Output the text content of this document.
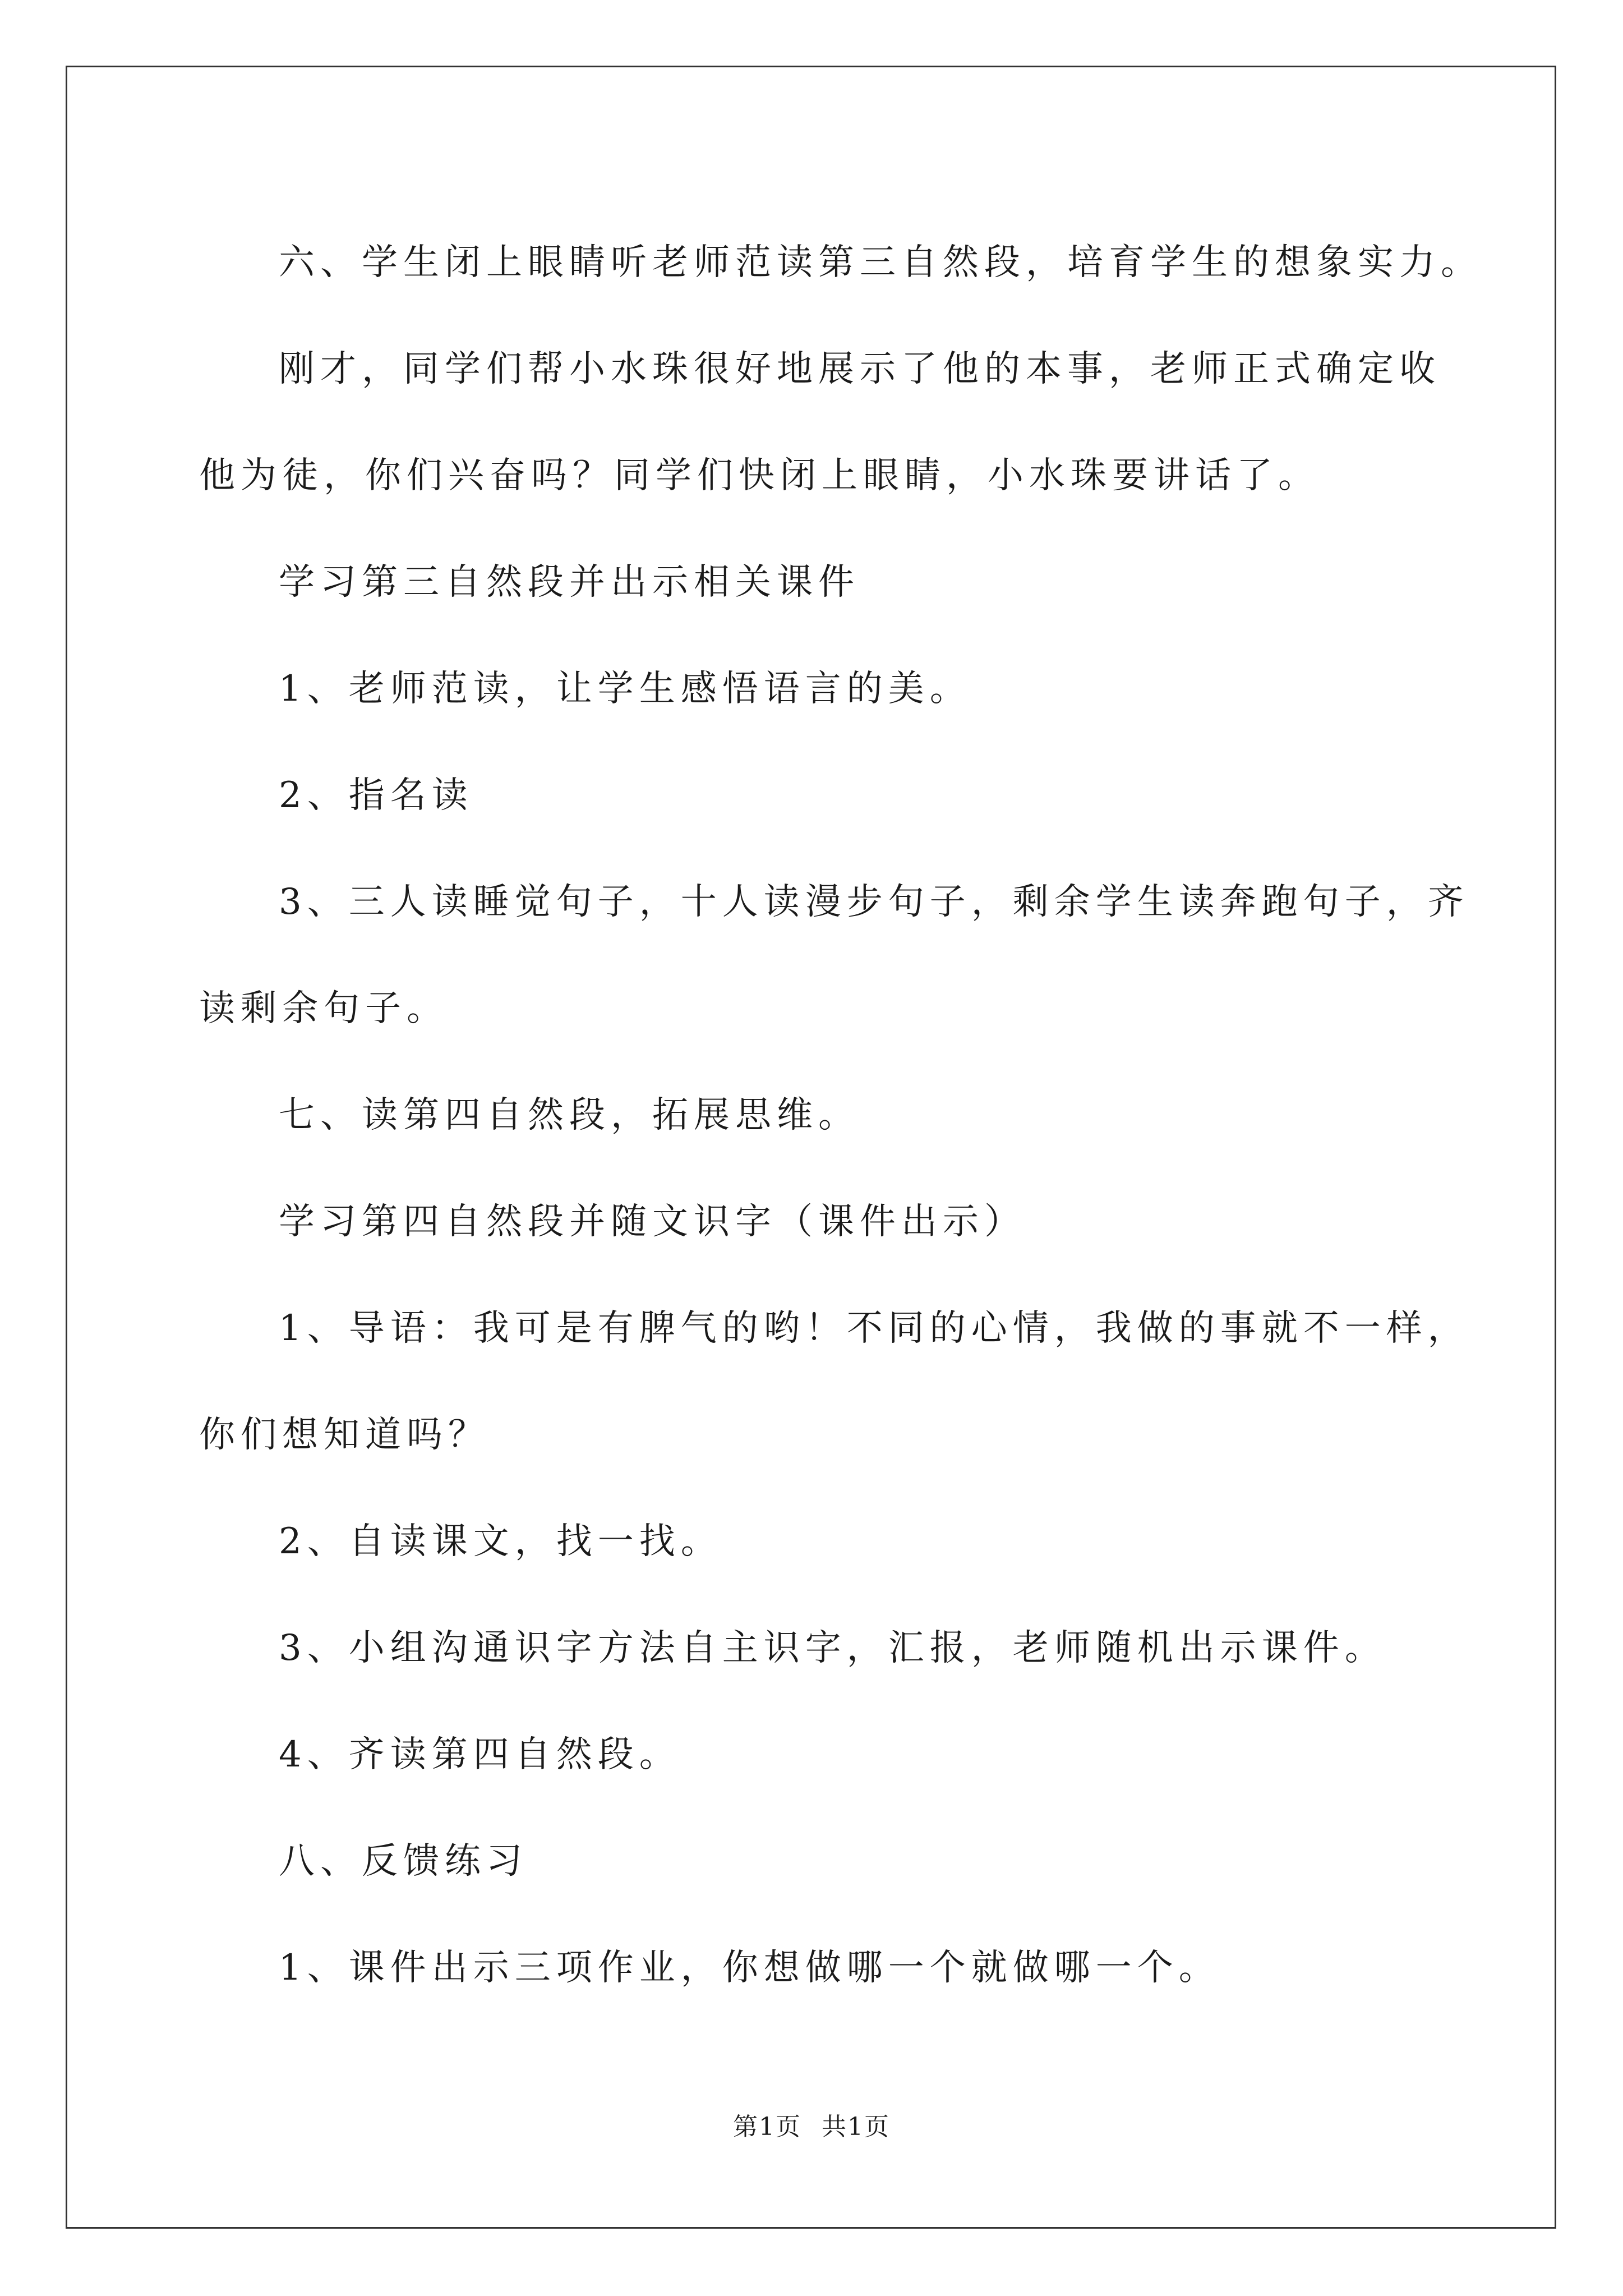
六、学生闭上眼睛听老师范读第三自然段，培育学生的想象实力。

刚才，同学们帮小水珠很好地展示了他的本事，老师正式确定收

他为徒，你们兴奋吗？同学们快闭上眼睛，小水珠要讲话了。

学习第三自然段并出示相关课件

1、老师范读，让学生感悟语言的美。

2、指名读

3、三人读睡觉句子，十人读漫步句子，剩余学生读奔跑句子，齐

读剩余句子。

七、读第四自然段，拓展思维。

学习第四自然段并随文识字（课件出示）

1、导语：我可是有脾气的哟！不同的心情，我做的事就不一样，

你们想知道吗？

2、自读课文，找一找。

3、小组沟通识字方法自主识字，汇报，老师随机出示课件。

4、齐读第四自然段。

八、反馈练习

1、课件出示三项作业，你想做哪一个就做哪一个。

第1页 共1页
